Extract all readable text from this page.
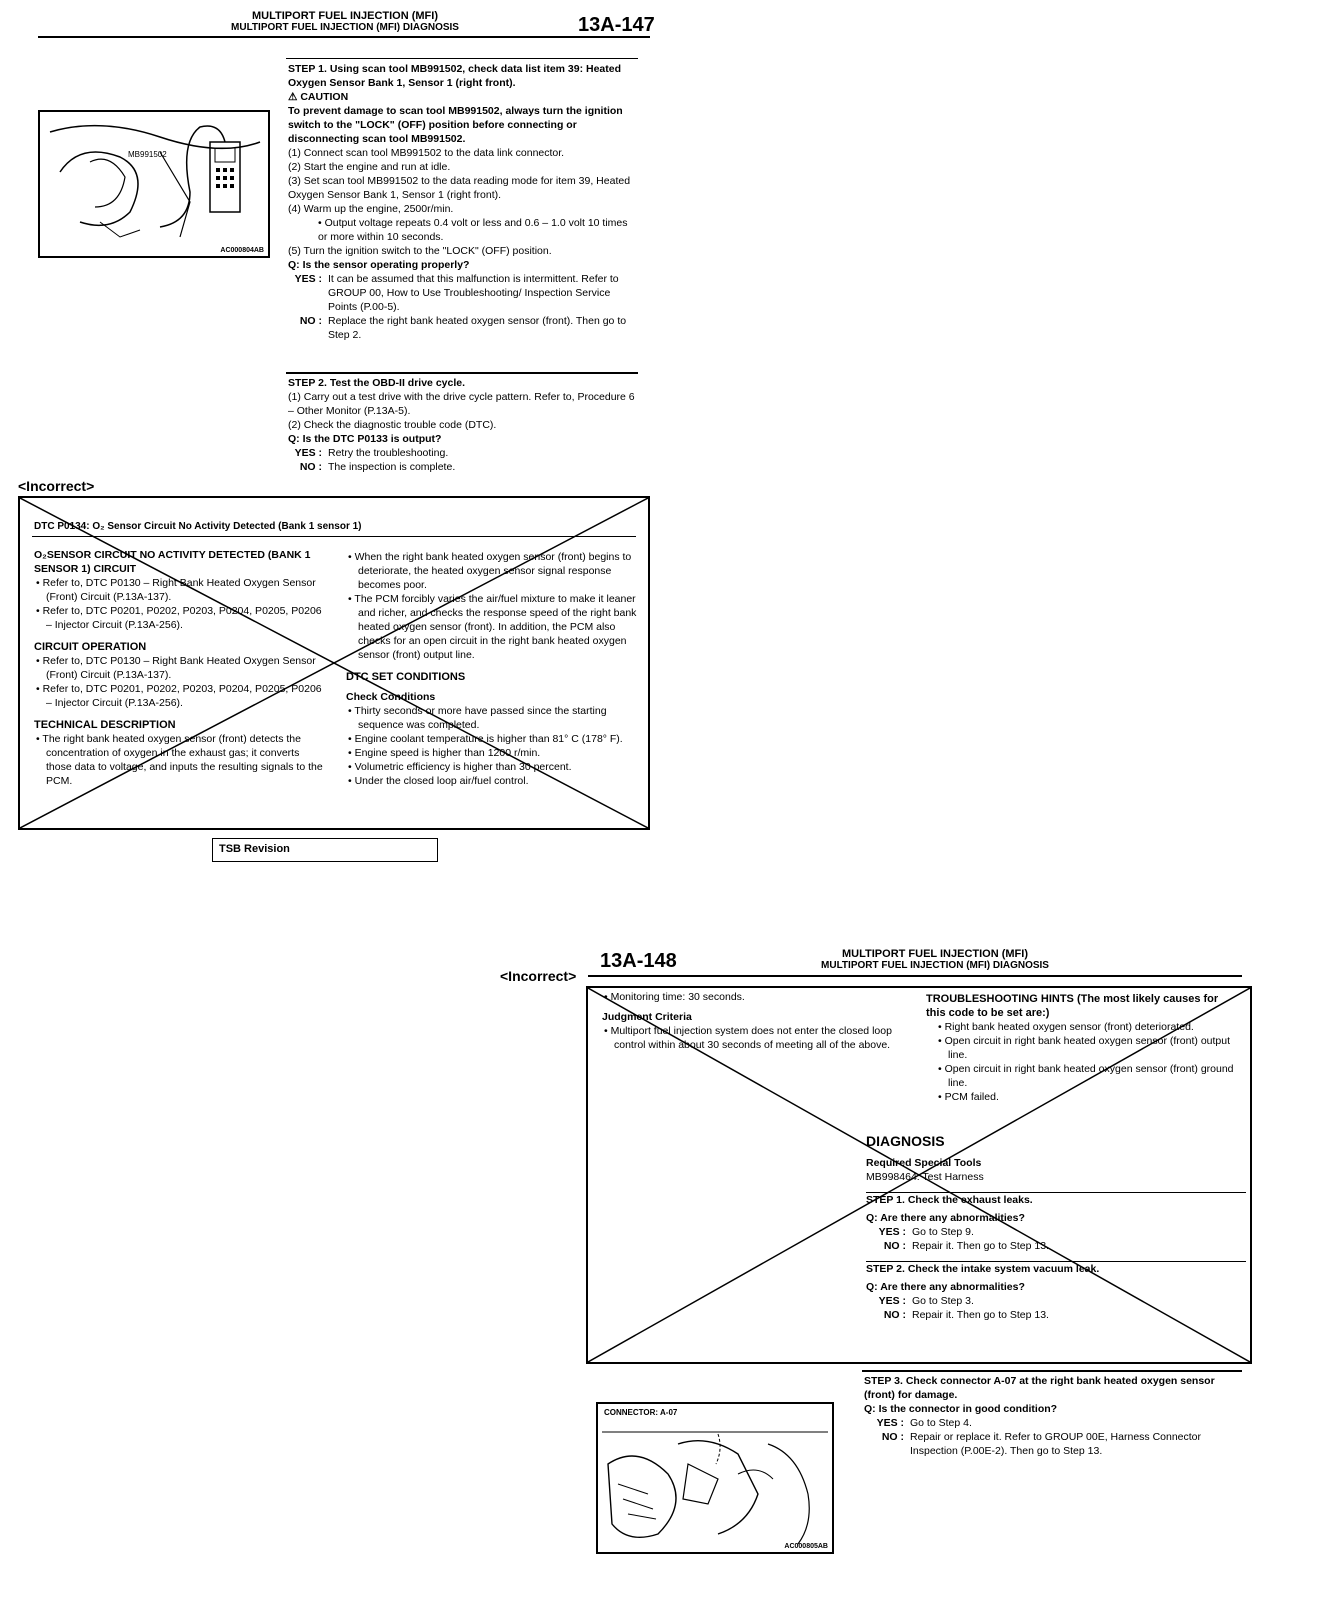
MULTIPORT FUEL INJECTION (MFI)
MULTIPORT FUEL INJECTION (MFI) DIAGNOSIS	13A-147
MB991502
AC000804AB
STEP 1. Using scan tool MB991502, check data list item 39: Heated Oxygen Sensor Bank 1, Sensor 1 (right front).
⚠ CAUTION
To prevent damage to scan tool MB991502, always turn the ignition switch to the "LOCK" (OFF) position before connecting or disconnecting scan tool MB991502.
(1) Connect scan tool MB991502 to the data link connector.
(2) Start the engine and run at idle.
(3) Set scan tool MB991502 to the data reading mode for item 39, Heated Oxygen Sensor Bank 1, Sensor 1 (right front).
(4) Warm up the engine, 2500r/min.
• Output voltage repeats 0.4 volt or less and 0.6 – 1.0 volt 10 times or more within 10 seconds.
(5) Turn the ignition switch to the "LOCK" (OFF) position.
Q: Is the sensor operating properly?
YES : It can be assumed that this malfunction is intermittent. Refer to GROUP 00, How to Use Troubleshooting/ Inspection Service Points (P.00-5).
NO : Replace the right bank heated oxygen sensor (front). Then go to Step 2.
STEP 2. Test the OBD-II drive cycle.
(1) Carry out a test drive with the drive cycle pattern. Refer to, Procedure 6 – Other Monitor (P.13A-5).
(2) Check the diagnostic trouble code (DTC).
Q: Is the DTC P0133 is output?
YES : Retry the troubleshooting.
NO : The inspection is complete.
<Incorrect>
DTC P0134: O₂ Sensor Circuit No Activity Detected (Bank 1 sensor 1)
O₂SENSOR CIRCUIT NO ACTIVITY DETECTED (BANK 1 SENSOR 1) CIRCUIT
• Refer to, DTC P0130 – Right Bank Heated Oxygen Sensor (Front) Circuit (P.13A-137).
• Refer to, DTC P0201, P0202, P0203, P0204, P0205, P0206 – Injector Circuit (P.13A-256).
CIRCUIT OPERATION
• Refer to, DTC P0130 – Right Bank Heated Oxygen Sensor (Front) Circuit (P.13A-137).
• Refer to, DTC P0201, P0202, P0203, P0204, P0205, P0206 – Injector Circuit (P.13A-256).
TECHNICAL DESCRIPTION
• The right bank heated oxygen sensor (front) detects the concentration of oxygen in the exhaust gas; it converts those data to voltage, and inputs the resulting signals to the PCM.
• When the right bank heated oxygen sensor (front) begins to deteriorate, the heated oxygen sensor signal response becomes poor.
• The PCM forcibly varies the air/fuel mixture to make it leaner and richer, and checks the response speed of the right bank heated oxygen sensor (front). In addition, the PCM also checks for an open circuit in the right bank heated oxygen sensor (front) output line.
DTC SET CONDITIONS
Check Conditions
• Thirty seconds or more have passed since the starting sequence was completed.
• Engine coolant temperature is higher than 81° C (178° F).
• Engine speed is higher than 1200 r/min.
• Volumetric efficiency is higher than 30 percent.
• Under the closed loop air/fuel control.
TSB Revision
13A-148	MULTIPORT FUEL INJECTION (MFI)
MULTIPORT FUEL INJECTION (MFI) DIAGNOSIS
<Incorrect>
• Monitoring time: 30 seconds.
Judgment Criteria
• Multiport fuel injection system does not enter the closed loop control within about 30 seconds of meeting all of the above.
TROUBLESHOOTING HINTS (The most likely causes for this code to be set are:)
• Right bank heated oxygen sensor (front) deteriorated.
• Open circuit in right bank heated oxygen sensor (front) output line.
• Open circuit in right bank heated oxygen sensor (front) ground line.
• PCM failed.
DIAGNOSIS
Required Special Tools
MB998464: Test Harness
STEP 1. Check the exhaust leaks.
Q: Are there any abnormalities?
YES : Go to Step 9.
NO : Repair it. Then go to Step 13.
STEP 2. Check the intake system vacuum leak.
Q: Are there any abnormalities?
YES : Go to Step 3.
NO : Repair it. Then go to Step 13.
STEP 3. Check connector A-07 at the right bank heated oxygen sensor (front) for damage.
Q: Is the connector in good condition?
YES : Go to Step 4.
NO : Repair or replace it. Refer to GROUP 00E, Harness Connector Inspection (P.00E-2). Then go to Step 13.
CONNECTOR: A-07
AC000805AB
